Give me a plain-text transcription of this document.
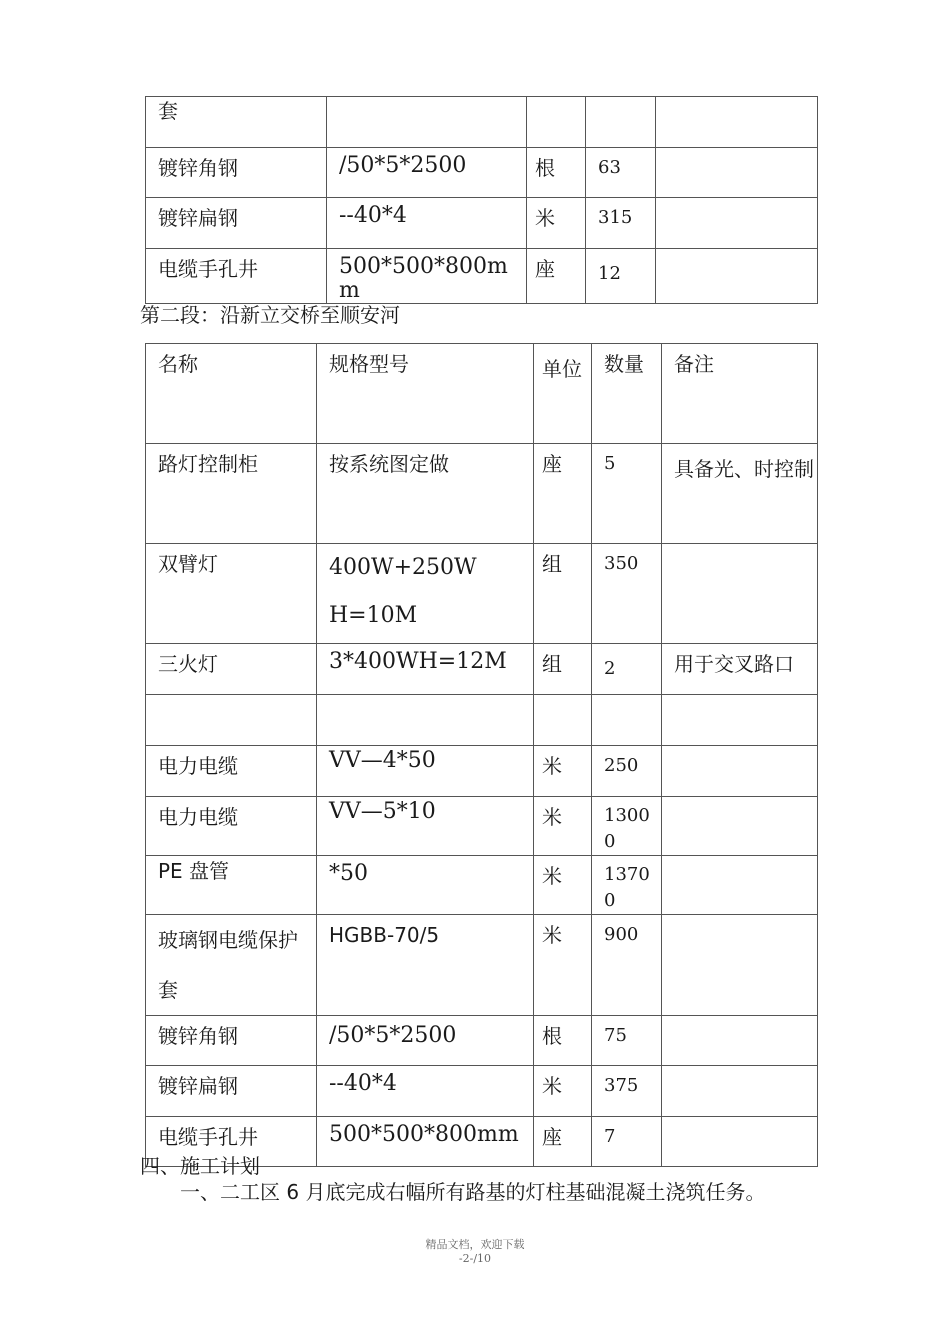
套				
镀锌角钢	/50*5*2500	根	63	
镀锌扁钢	--40*4	米	315	
电缆手孔井	500*500*800mm	座	12	
第二段：沿新立交桥至顺安河
名称	规格型号	单位	数量	备注
路灯控制柜	按系统图定做	座	5	具备光、时控制
双臂灯	400W+250W H=10M	组	350	
三火灯	3*400WH=12M	组	2	用于交叉路口

电力电缆	VV—4*50	米	250	
电力电缆	VV—5*10	米	13000	
PE 盘管	*50	米	13700	
玻璃钢电缆保护套	HGBB-70/5	米	900	
镀锌角钢	/50*5*2500	根	75	
镀锌扁钢	--40*4	米	375	
电缆手孔井	500*500*800mm	座	7	
四、施工计划
一、二工区 6 月底完成右幅所有路基的灯柱基础混凝土浇筑任务。
精品文档，欢迎下载
-2-/10
